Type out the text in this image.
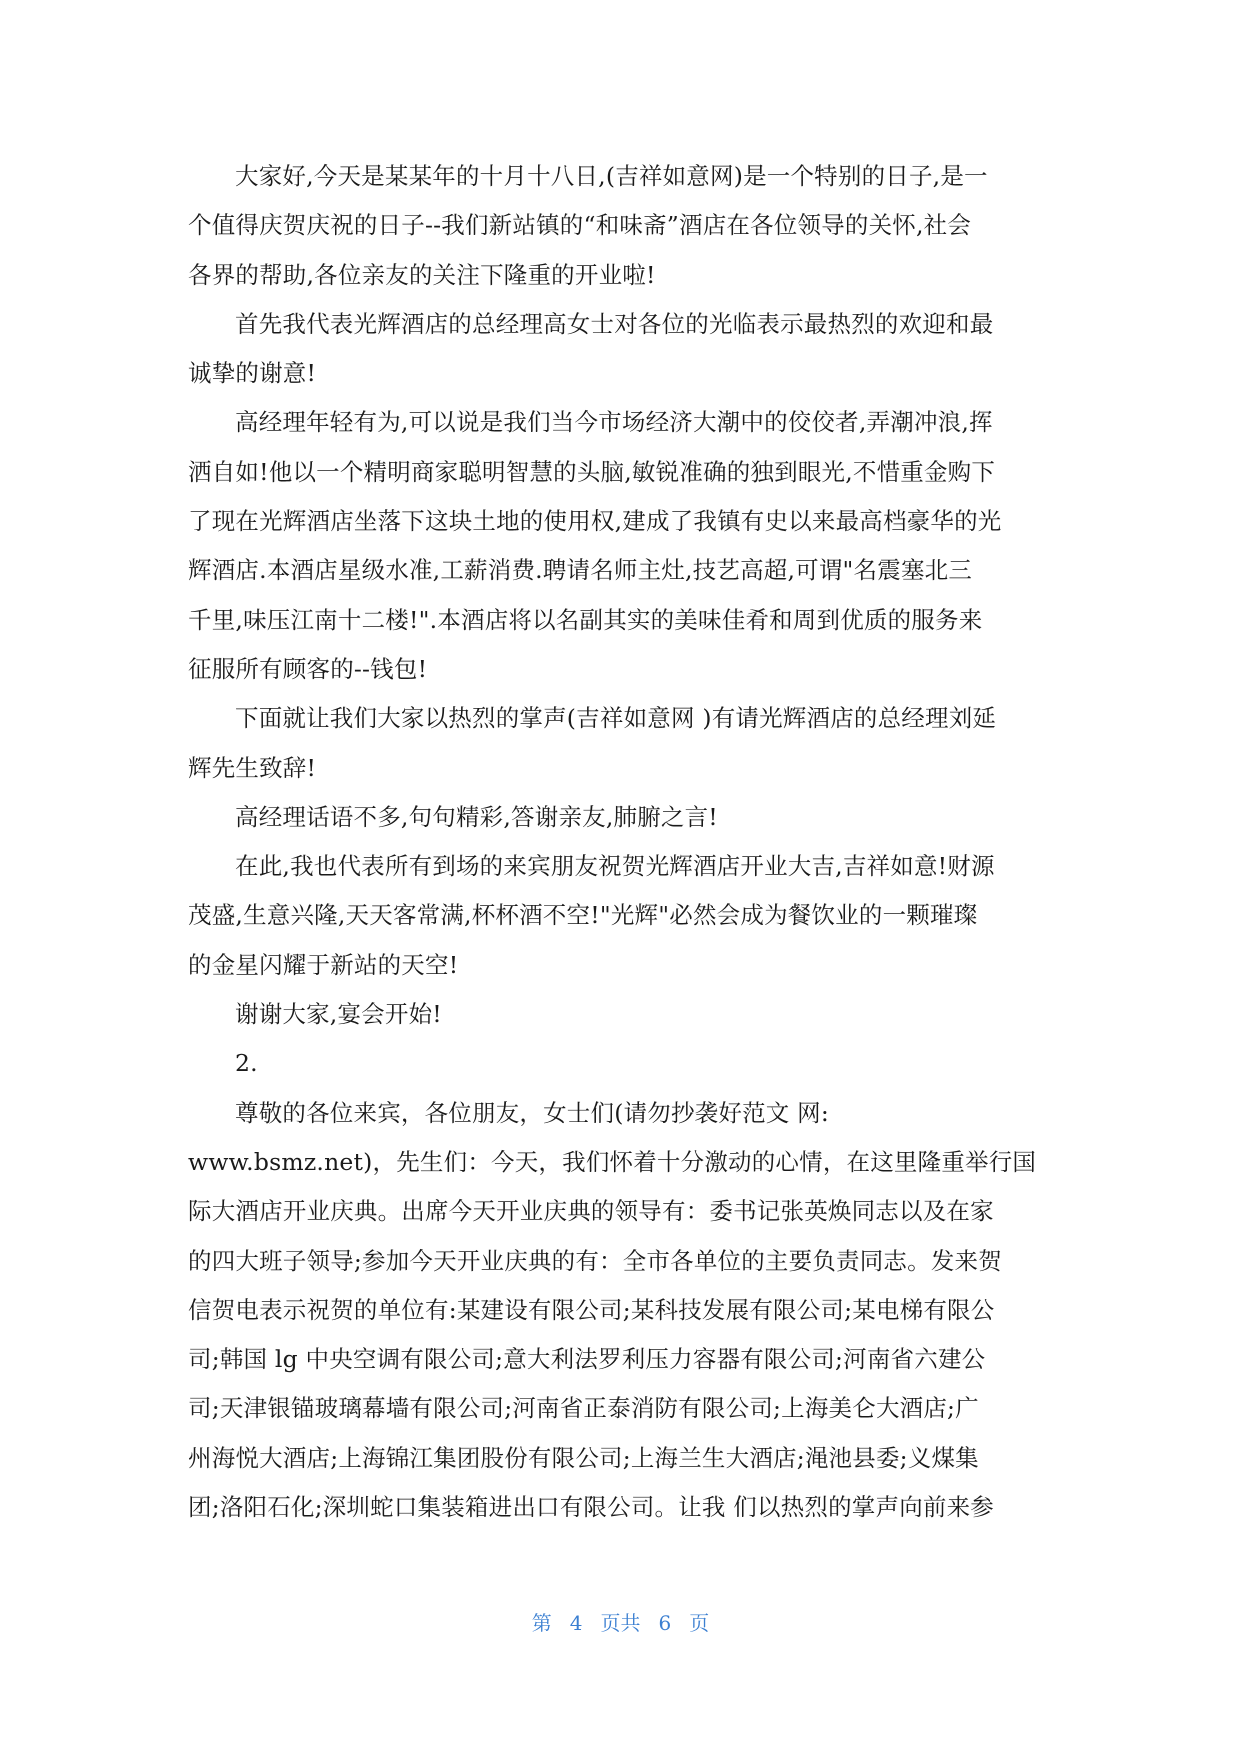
大家好,今天是某某年的十月十八日,(吉祥如意网)是一个特别的日子,是一
个值得庆贺庆祝的日子--我们新站镇的“和味斋”酒店在各位领导的关怀,社会
各界的帮助,各位亲友的关注下隆重的开业啦!

首先我代表光辉酒店的总经理高女士对各位的光临表示最热烈的欢迎和最
诚挚的谢意!

高经理年轻有为,可以说是我们当今市场经济大潮中的佼佼者,弄潮冲浪,挥
洒自如!他以一个精明商家聪明智慧的头脑,敏锐准确的独到眼光,不惜重金购下
了现在光辉酒店坐落下这块土地的使用权,建成了我镇有史以来最高档豪华的光
辉酒店.本酒店星级水准,工薪消费.聘请名师主灶,技艺高超,可谓"名震塞北三
千里,味压江南十二楼!".本酒店将以名副其实的美味佳肴和周到优质的服务来
征服所有顾客的--钱包!

下面就让我们大家以热烈的掌声(吉祥如意网 )有请光辉酒店的总经理刘延
辉先生致辞!

高经理话语不多,句句精彩,答谢亲友,肺腑之言!

在此,我也代表所有到场的来宾朋友祝贺光辉酒店开业大吉,吉祥如意!财源
茂盛,生意兴隆,天天客常满,杯杯酒不空!"光辉"必然会成为餐饮业的一颗璀璨
的金星闪耀于新站的天空!

谢谢大家,宴会开始!

2.

尊敬的各位来宾，各位朋友，女士们(请勿抄袭好范文 网:

www.bsmz.net)，先生们：今天，我们怀着十分激动的心情，在这里隆重举行国
际大酒店开业庆典。出席今天开业庆典的领导有：委书记张英焕同志以及在家
的四大班子领导;参加今天开业庆典的有：全市各单位的主要负责同志。发来贺
信贺电表示祝贺的单位有:某建设有限公司;某科技发展有限公司;某电梯有限公
司;韩国 lg 中央空调有限公司;意大利法罗利压力容器有限公司;河南省六建公
司;天津银锚玻璃幕墙有限公司;河南省正泰消防有限公司;上海美仑大酒店;广
州海悦大酒店;上海锦江集团股份有限公司;上海兰生大酒店;渑池县委;义煤集
团;洛阳石化;深圳蛇口集装箱进出口有限公司。让我 们以热烈的掌声向前来参

第 4 页共 6 页
